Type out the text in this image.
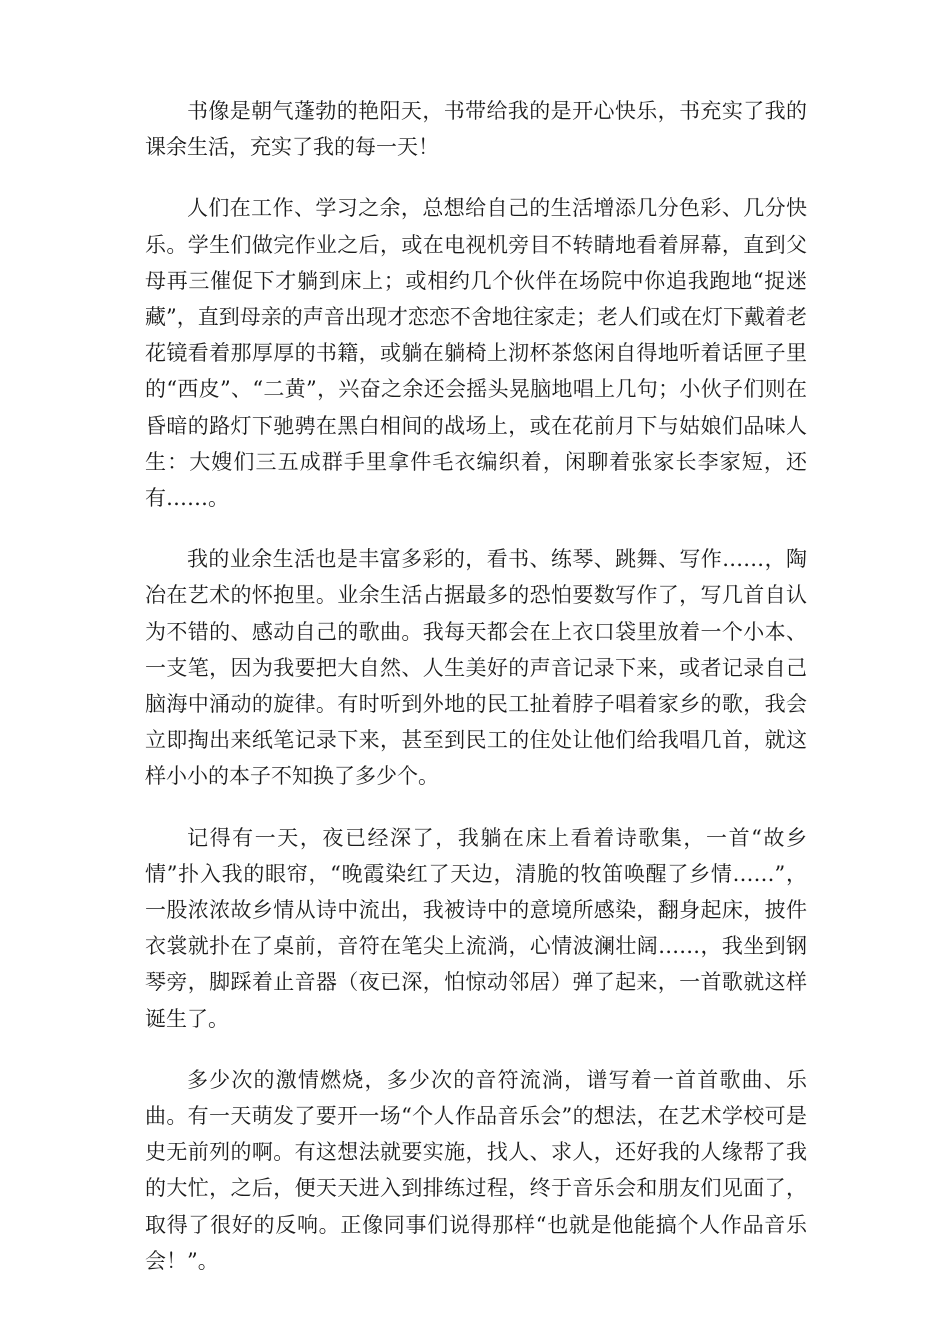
书像是朝气蓬勃的艳阳天，书带给我的是开心快乐，书充实了我的课余生活，充实了我的每一天！

人们在工作、学习之余，总想给自己的生活增添几分色彩、几分快乐。学生们做完作业之后，或在电视机旁目不转睛地看着屏幕，直到父母再三催促下才躺到床上；或相约几个伙伴在场院中你追我跑地“捉迷藏”，直到母亲的声音出现才恋恋不舍地往家走；老人们或在灯下戴着老花镜看着那厚厚的书籍，或躺在躺椅上沏杯茶悠闲自得地听着话匣子里的“西皮”、“二黄”，兴奋之余还会摇头晃脑地唱上几句；小伙子们则在昏暗的路灯下驰骋在黑白相间的战场上，或在花前月下与姑娘们品味人生：大嫂们三五成群手里拿件毛衣编织着，闲聊着张家长李家短，还有……。

我的业余生活也是丰富多彩的，看书、练琴、跳舞、写作……，陶冶在艺术的怀抱里。业余生活占据最多的恐怕要数写作了，写几首自认为不错的、感动自己的歌曲。我每天都会在上衣口袋里放着一个小本、一支笔，因为我要把大自然、人生美好的声音记录下来，或者记录自己脑海中涌动的旋律。有时听到外地的民工扯着脖子唱着家乡的歌，我会立即掏出来纸笔记录下来，甚至到民工的住处让他们给我唱几首，就这样小小的本子不知换了多少个。

记得有一天，夜已经深了，我躺在床上看着诗歌集，一首“故乡情”扑入我的眼帘，“晚霞染红了天边，清脆的牧笛唤醒了乡情……”，一股浓浓故乡情从诗中流出，我被诗中的意境所感染，翻身起床，披件衣裳就扑在了桌前，音符在笔尖上流淌，心情波澜壮阔……，我坐到钢琴旁，脚踩着止音器（夜已深，怕惊动邻居）弹了起来，一首歌就这样诞生了。

多少次的激情燃烧，多少次的音符流淌，谱写着一首首歌曲、乐曲。有一天萌发了要开一场“个人作品音乐会”的想法，在艺术学校可是史无前列的啊。有这想法就要实施，找人、求人，还好我的人缘帮了我的大忙，之后，便天天进入到排练过程，终于音乐会和朋友们见面了，取得了很好的反响。正像同事们说得那样“也就是他能搞个人作品音乐会！”。
